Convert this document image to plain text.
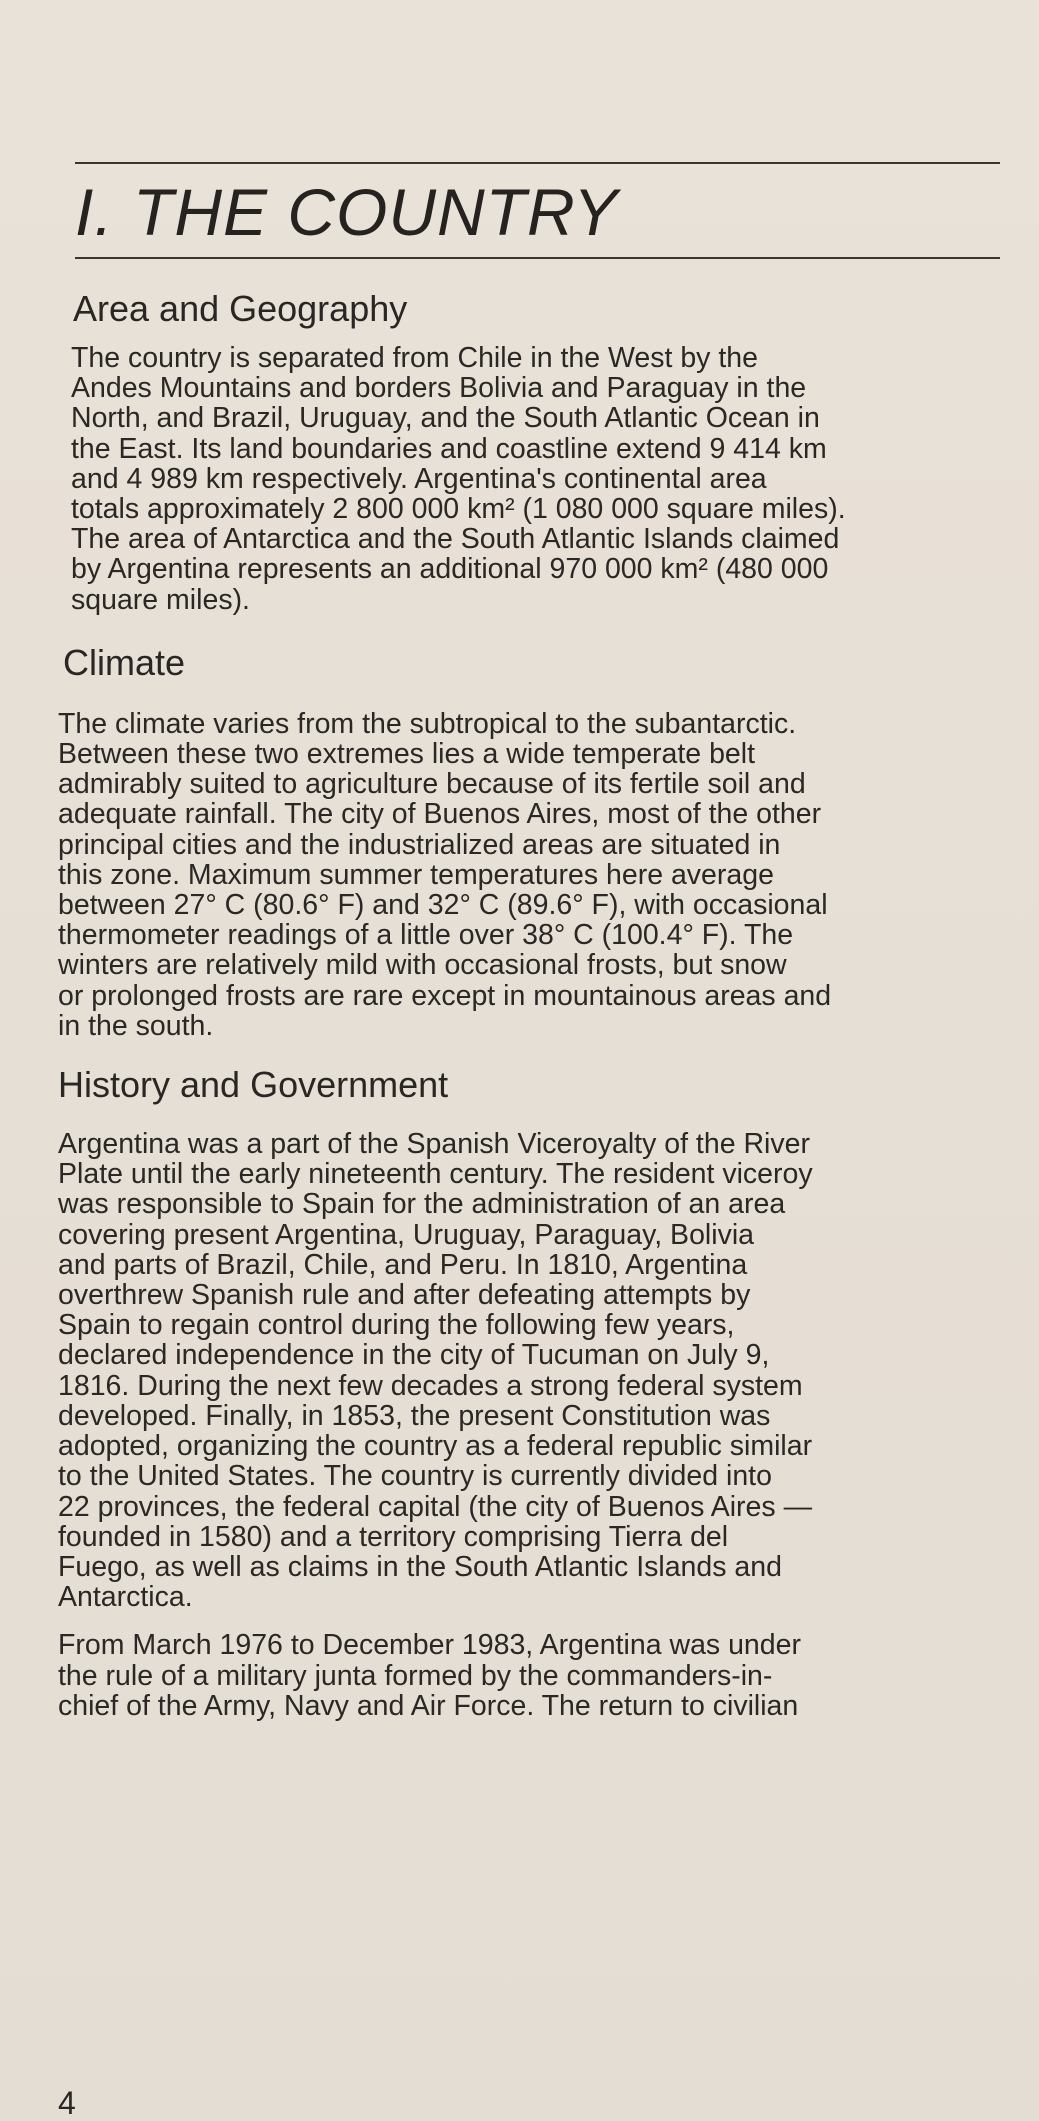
I. THE COUNTRY
Area and Geography

The country is separated from Chile in the West by the
Andes Mountains and borders Bolivia and Paraguay in the
North, and Brazil, Uruguay, and the South Atlantic Ocean in
the East. Its land boundaries and coastline extend 9 414 km
and 4 989 km respectively. Argentina's continental area
totals approximately 2 800 000 km² (1 080 000 square miles).
The area of Antarctica and the South Atlantic Islands claimed
by Argentina represents an additional 970 000 km² (480 000
square miles).

Climate

The climate varies from the subtropical to the subantarctic.
Between these two extremes lies a wide temperate belt
admirably suited to agriculture because of its fertile soil and
adequate rainfall. The city of Buenos Aires, most of the other
principal cities and the industrialized areas are situated in
this zone. Maximum summer temperatures here average
between 27° C (80.6° F) and 32° C (89.6° F), with occasional
thermometer readings of a little over 38° C (100.4° F). The
winters are relatively mild with occasional frosts, but snow
or prolonged frosts are rare except in mountainous areas and
in the south.

History and Government

Argentina was a part of the Spanish Viceroyalty of the River
Plate until the early nineteenth century. The resident viceroy
was responsible to Spain for the administration of an area
covering present Argentina, Uruguay, Paraguay, Bolivia
and parts of Brazil, Chile, and Peru. In 1810, Argentina
overthrew Spanish rule and after defeating attempts by
Spain to regain control during the following few years,
declared independence in the city of Tucuman on July 9,
1816. During the next few decades a strong federal system
developed. Finally, in 1853, the present Constitution was
adopted, organizing the country as a federal republic similar
to the United States. The country is currently divided into
22 provinces, the federal capital (the city of Buenos Aires —
founded in 1580) and a territory comprising Tierra del
Fuego, as well as claims in the South Atlantic Islands and
Antarctica.

From March 1976 to December 1983, Argentina was under
the rule of a military junta formed by the commanders-in-
chief of the Army, Navy and Air Force. The return to civilian

4
